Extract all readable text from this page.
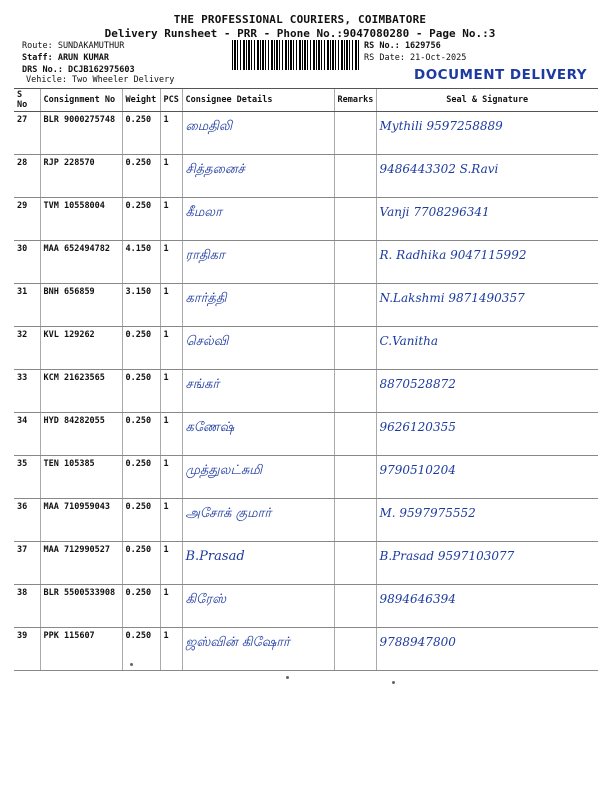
THE PROFESSIONAL COURIERS, COIMBATORE
Delivery Runsheet - PRR - Phone No.:9047080280 - Page No.:3
Route: SUNDAKAMUTHUR
Staff: ARUN KUMAR
DRS No.: DCJB162975603
Vehicle: Two Wheeler Delivery
RS No.: 1629756
RS Date: 21-Oct-2025
DOCUMENT DELIVERY
S No	Consignment No	Weight	PCS	Consignee Details	Remarks	Seal & Signature
27	BLR 9000275748	0.250	1	மைதிலி		Mythili 9597258889

28	RJP 228570	0.250	1	சித்தனைச்		9486443302 S.Ravi

29	TVM 10558004	0.250	1	கீமலா		Vanji 7708296341

30	MAA 652494782	4.150	1	ராதிகா		R. Radhika 9047115992

31	BNH 656859	3.150	1	கார்த்தி		N.Lakshmi 9871490357

32	KVL 129262	0.250	1	செல்வி		C.Vanitha

33	KCM 21623565	0.250	1	சங்கர்		8870528872

34	HYD 84282055	0.250	1	கணேஷ்		9626120355

35	TEN 105385	0.250	1	முத்துலட்சுமி		9790510204

36	MAA 710959043	0.250	1	அசோக் குமார்		M. 9597975552

37	MAA 712990527	0.250	1	B.Prasad		B.Prasad 9597103077

38	BLR 5500533908	0.250	1	கிரேஸ்		9894646394

39	PPK 115607	0.250	1	ஜஸ்வின் கிஷோர்		9788947800
